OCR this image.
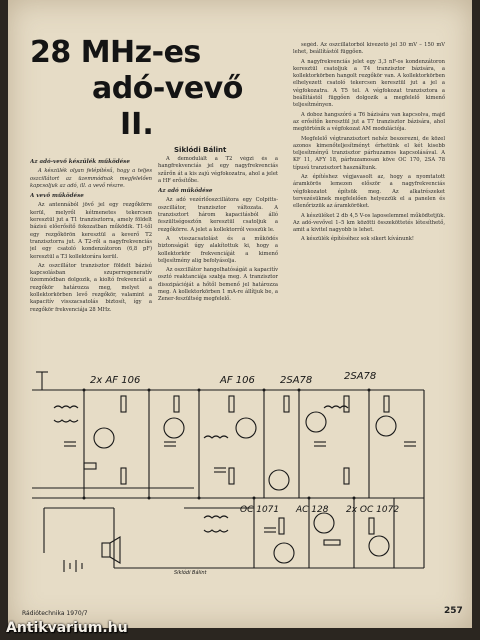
28 MHz-es
adó-vevő
II.
Siklódi Bálint

Az adó-vevő készülék működése

A készülék olyan felépítésű, hogy a teljes oszcillátort az üzemmódnak megfelelően kapcsoljuk az adó, ill. a vevő részre.

A vevő működése

Az antennából jövő jel egy rezgőkörre kerül, melyről kétmenetes tekercsen keresztül jut a T1 tranzisztorra, amely földelt bázisú előerősítő fokozatban működik. T1-től egy rezgőkörön keresztül a keverő T2 tranzisztorra jut. A T2-ről a nagyfrekvenciás jel egy csatoló kondenzátoron (6,8 pF) keresztül a T3 kollektorára kerül.

Az oszcillátor tranzisztor földelt bázisú kapcsolásban szuperregeneratív üzemmódban dolgozik, a kioltó frekvenciát a rezgőkör határozza meg, melyet a kollektorkörben levő rezgőkör, valamint a kapacitív visszacsatolás biztosít, így a rezgőkör frekvenciája 28 MHz.

A demodulált a T2 végzi és a hangfrekvenciás jel egy nagyfrekvenciás szűrőn át a kis zajú végfokozatra, ahol a jelet a HF erősítőbe.

Az adó működése

Az adó vezérlőoszcillátora egy Colpitts-oszcillátor, tranzisztor változata. A tranzisztort három kapacitásból álló feszültségosztón keresztül csatoljuk a rezgőkörre. A jelet a kollektorról vesszük le.

A visszacsatolást és a működés biztonságát úgy alakítottuk ki, hogy a kollektorkör frekvenciáját a kimenő teljesítmény alig befolyásolja.

Az oszcillátor hangolhatóságát a kapacitív osztó reaktanciája szabja meg. A tranzisztor disszipációját a hőtől bemenő jel határozza meg. A kollektorkörben 1 mA-re állítjuk be, a Zener-feszültség megfelelő.

segéd. Az oszcillátorból kivezető jel 30 mV – 150 mV lehet, beállítástól függően.

A nagyfrekvenciás jelet egy 3,3 nF-os kondenzátoron keresztül csatoljuk a T4 tranzisztor bázisára, a kollektorkörben hangolt rezgőkör van. A kollektorkörben elhelyezett csatoló tekercsen keresztül jut a jel a végfokozatra. A T5 tel. A végfokozat tranzisztora a beállítástól függően dolgozik a megfelelő kimenő teljesítményen.

A doboz hangszóró a T6 bázisára van kapcsolva, majd az erősítőn keresztül jut a T7 tranzisztor bázisára, ahol megtörténik a végfokozat AM modulációja.

Megfelelő végtranzisztort nehéz beszerezni, de közel azonos kimenőteljesítményt érhetünk el két kisebb teljesítményű tranzisztor párhuzamos kapcsolásával. A KF 11, AFY 18, párhuzamosan köve OC 170, 2SA 78 típusú tranzisztort használtunk.

Az építéshez végjavasolt az, hogy a nyomtatott áramkörös lemezen először a nagyfrekvenciás végfokozatot építsük meg. Az alkatrészeket tervezésüknek megfelelően helyezzük el a panelen és ellenőrizzük az áramköröket.

A készüléket 2 db 4,5 V-os laposelemmel működtetjük. Az adó-vevővel 1–5 km közötti összeköttetés létesíthető, amit a kivitel nagyobb is lehet.

A készülék építéséhez sok sikert kívánunk!

2x AF 106	AF 106	2SA78	2SA78
OC 1071 AC 128 2x OC 1072
Siklódi Bálint
Rádiótechnika 1970/7	257
Antikvarium.hu
